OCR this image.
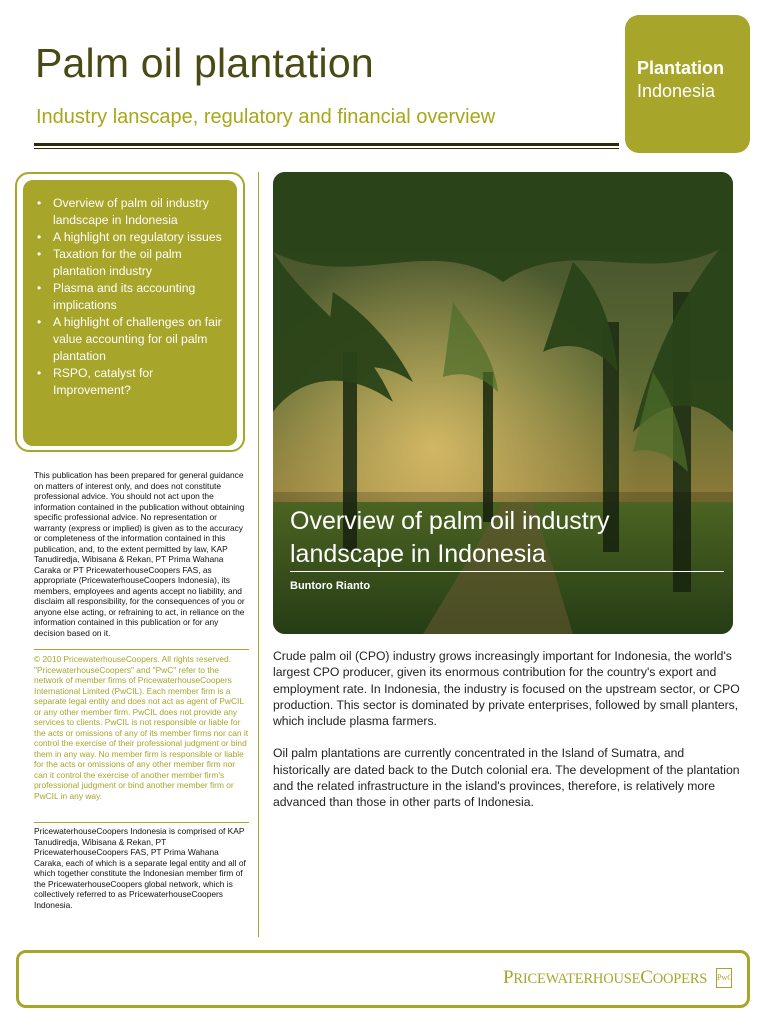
Palm oil plantation
Industry lanscape, regulatory and financial overview
Plantation
Indonesia
• Overview of palm oil industry landscape in Indonesia
• A highlight on regulatory issues
• Taxation for the oil palm plantation industry
• Plasma and its accounting implications
• A highlight of challenges on fair value accounting for oil palm plantation
• RSPO, catalyst for Improvement?
This publication has been prepared for general guidance on matters of interest only, and does not constitute professional advice. You should not act upon the information contained in the publication without obtaining specific professional advice. No representation or warranty (express or implied) is given as to the accuracy or completeness of the information contained in this publication, and, to the extent permitted by law, KAP Tanudiredja, Wibisana & Rekan, PT Prima Wahana Caraka or PT PricewaterhouseCoopers FAS, as appropriate (PricewaterhouseCoopers Indonesia), its members, employees and agents accept no liability, and disclaim all responsibility, for the consequences of you or anyone else acting, or refraining to act, in reliance on the information contained in this publication or for any decision based on it.
© 2010 PricewaterhouseCoopers. All rights reserved. "PricewaterhouseCoopers" and "PwC" refer to the network of member firms of PricewaterhouseCoopers International Limited (PwCIL). Each member firm is a separate legal entity and does not act as agent of PwCIL or any other member firm. PwCIL does not provide any services to clients. PwCIL is not responsible or liable for the acts or omissions of any of its member firms nor can it control the exercise of their professional judgment or bind them in any way. No member firm is responsible or liable for the acts or omissions of any other member firm nor can it control the exercise of another member firm's professional judgment or bind another member firm or PwCIL in any way.
PricewaterhouseCoopers Indonesia is comprised of KAP Tanudiredja, Wibisana & Rekan, PT PricewaterhouseCoopers FAS, PT Prima Wahana Caraka, each of which is a separate legal entity and all of which together constitute the Indonesian member firm of the PricewaterhouseCoopers global network, which is collectively referred to as PricewaterhouseCoopers Indonesia.
Overview of palm oil industry landscape in Indonesia
Buntoro Rianto

Crude palm oil (CPO) industry grows increasingly important for Indonesia, the world's largest CPO producer, given its enormous contribution for the country's export and employment rate. In Indonesia, the industry is focused on the upstream sector, or CPO production. This sector is dominated by private enterprises, followed by small planters, which include plasma farmers.

Oil palm plantations are currently concentrated in the Island of Sumatra, and historically are dated back to the Dutch colonial era. The development of the plantation and the related infrastructure in the island's provinces, therefore, is relatively more advanced than those in other parts of Indonesia.

PRICEWATERHOUSECOOPERS PwC
